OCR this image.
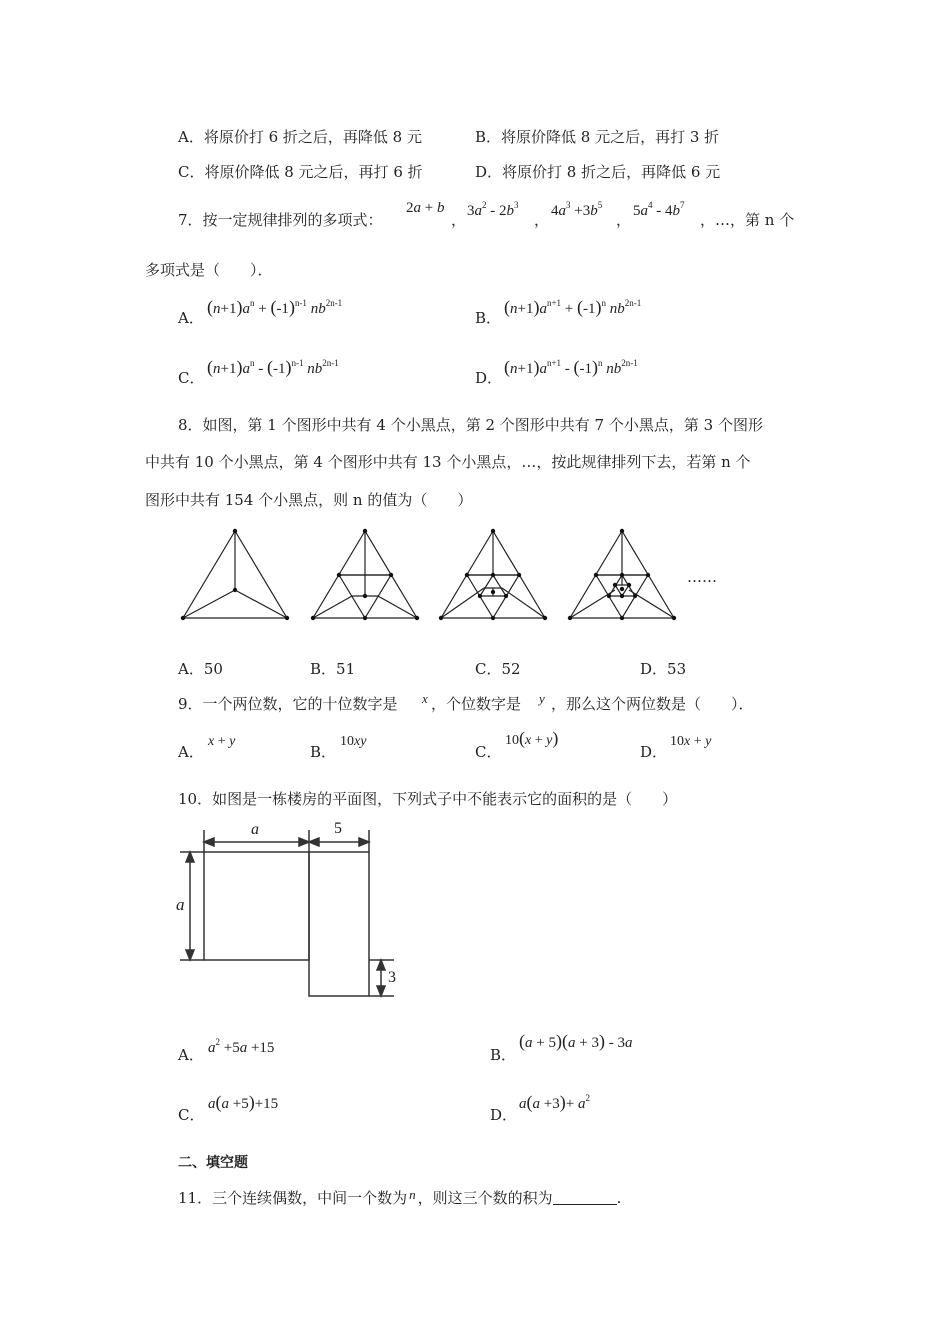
A．将原价打 6 折之后，再降低 8 元	B．将原价降低 8 元之后，再打 3 折
C．将原价降低 8 元之后，再打 6 折	D．将原价打 8 折之后，再降低 6 元
7．按一定规律排列的多项式：
2a + b
， $3a^2 - 2b^3$
， $4a^3 +3b^5$
， $5a^4 - 4b^7$
，…，第 n 个
多项式是（　　）．
A．
$(n+1)a^n + (-1)^{n-1}$ $nb^{2n-1}$
B．
$(n+1)a^{n+1} + (-1)^n$ $nb^{2n-1}$
C．
$(n+1)a^n - (-1)^{n-1}$ $nb^{2n-1}$
D．
$(n+1)a^{n+1} - (-1)^n$ $nb^{2n-1}$
8．如图，第 1 个图形中共有 4 个小黑点，第 2 个图形中共有 7 个小黑点，第 3 个图形
中共有 10 个小黑点，第 4 个图形中共有 13 个小黑点，…，按此规律排列下去，若第 n 个
图形中共有 154 个小黑点，则 n 的值为（　　）
……
A．50	B．51	C．52	D．53
9．一个两位数，它的十位数字是 x ，个位数字是 y ，那么这个两位数是（　　）．
A．
x + y
B．
10xy
C．
10(x + y)
D．
10x + y
10．如图是一栋楼房的平面图，下列式子中不能表示它的面积的是（　　）
a	5
a
3
A． $a^2 +5a +15$	B．
(a + 5)(a + 3) - 3a
C．
a(a +5)+15
D．
$a(a +3)+ a^2$
二、填空题
11．三个连续偶数，中间一个数为 n ，则这三个数的积为	.
